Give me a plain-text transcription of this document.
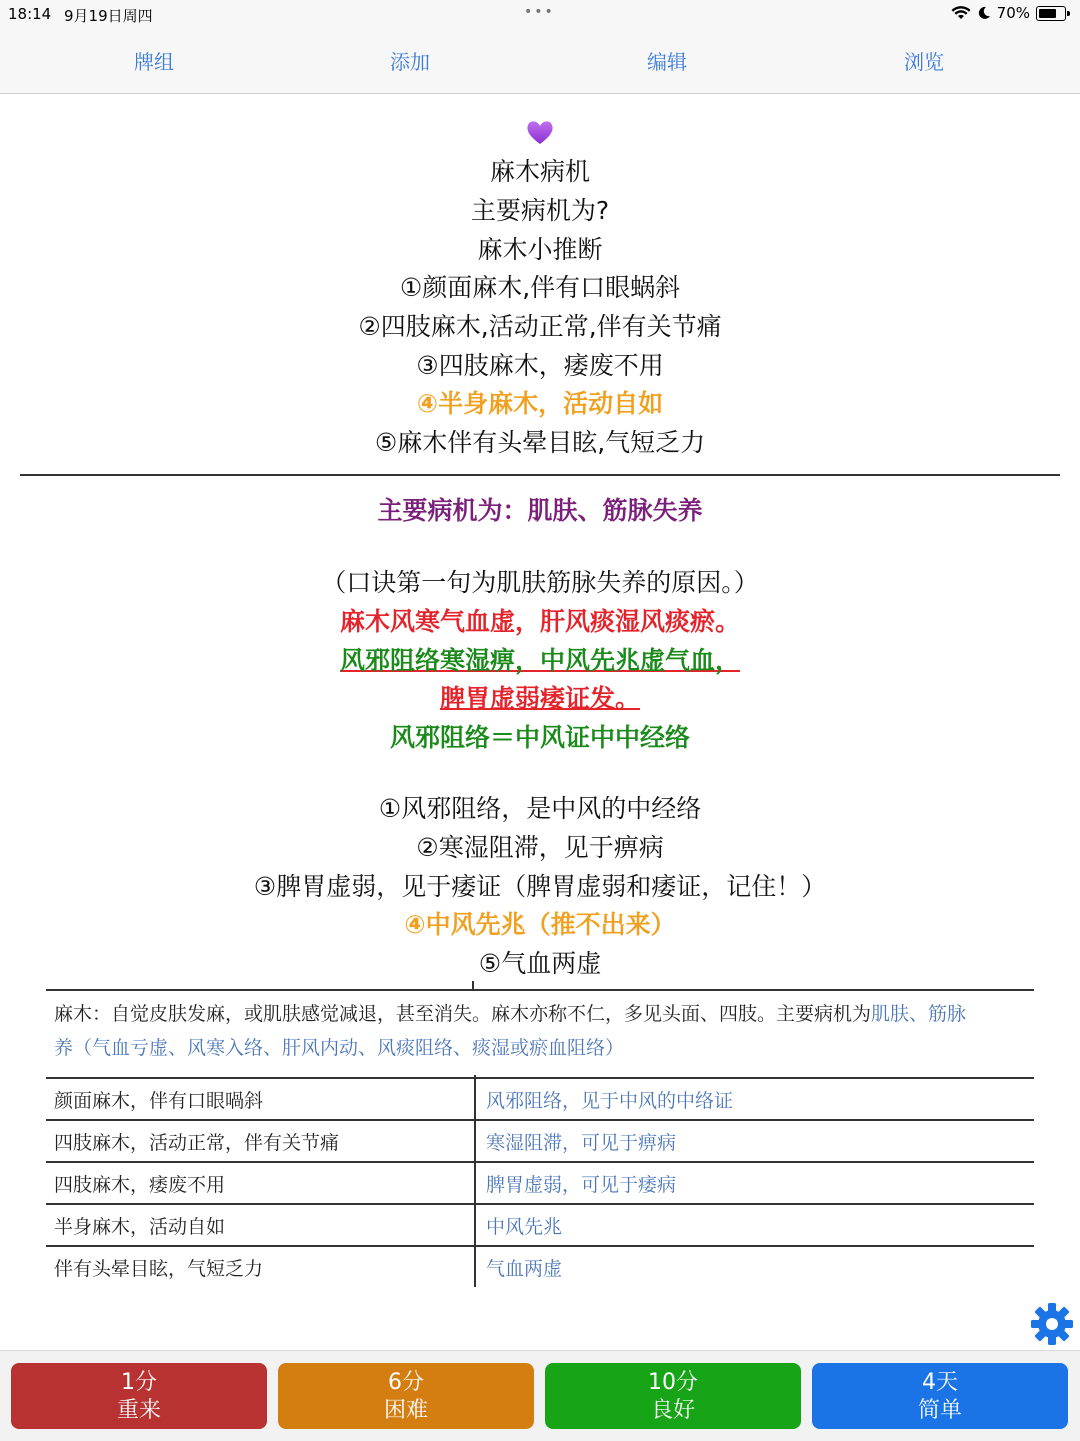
18:14 9月19日周四	•••	70%
牌组	添加	编辑	浏览
麻木病机
主要病机为?
麻木小推断
①颜面麻木,伴有口眼蜗斜
②四肢麻木,活动正常,伴有关节痛
③四肢麻木，痿废不用
④半身麻木，活动自如
⑤麻木伴有头晕目眩,气短乏力
主要病机为：肌肤、筋脉失养
（口诀第一句为肌肤筋脉失养的原因。）
麻木风寒气血虚，肝风痰湿风痰瘀。
风邪阻络寒湿痹，中风先兆虚气血，
脾胃虚弱痿证发。
风邪阻络＝中风证中中经络
①风邪阻络，是中风的中经络
②寒湿阻滞，见于痹病
③脾胃虚弱，见于痿证（脾胃虚弱和痿证，记住！）
④中风先兆（推不出来）
⑤气血两虚
麻木：自觉皮肤发麻，或肌肤感觉减退，甚至消失。麻木亦称不仁，多见头面、四肢。主要病机为肌肤、筋脉
养（气血亏虚、风寒入络、肝风内动、风痰阻络、痰湿或瘀血阻络）
颜面麻木，伴有口眼喎斜	风邪阻络，见于中风的中络证
四肢麻木，活动正常，伴有关节痛	寒湿阻滞，可见于痹病
四肢麻木，痿废不用	脾胃虚弱，可见于痿病
半身麻木，活动自如	中风先兆
伴有头晕目眩，气短乏力	气血两虚
1分
重来
6分
困难
10分
良好
4天
简单
